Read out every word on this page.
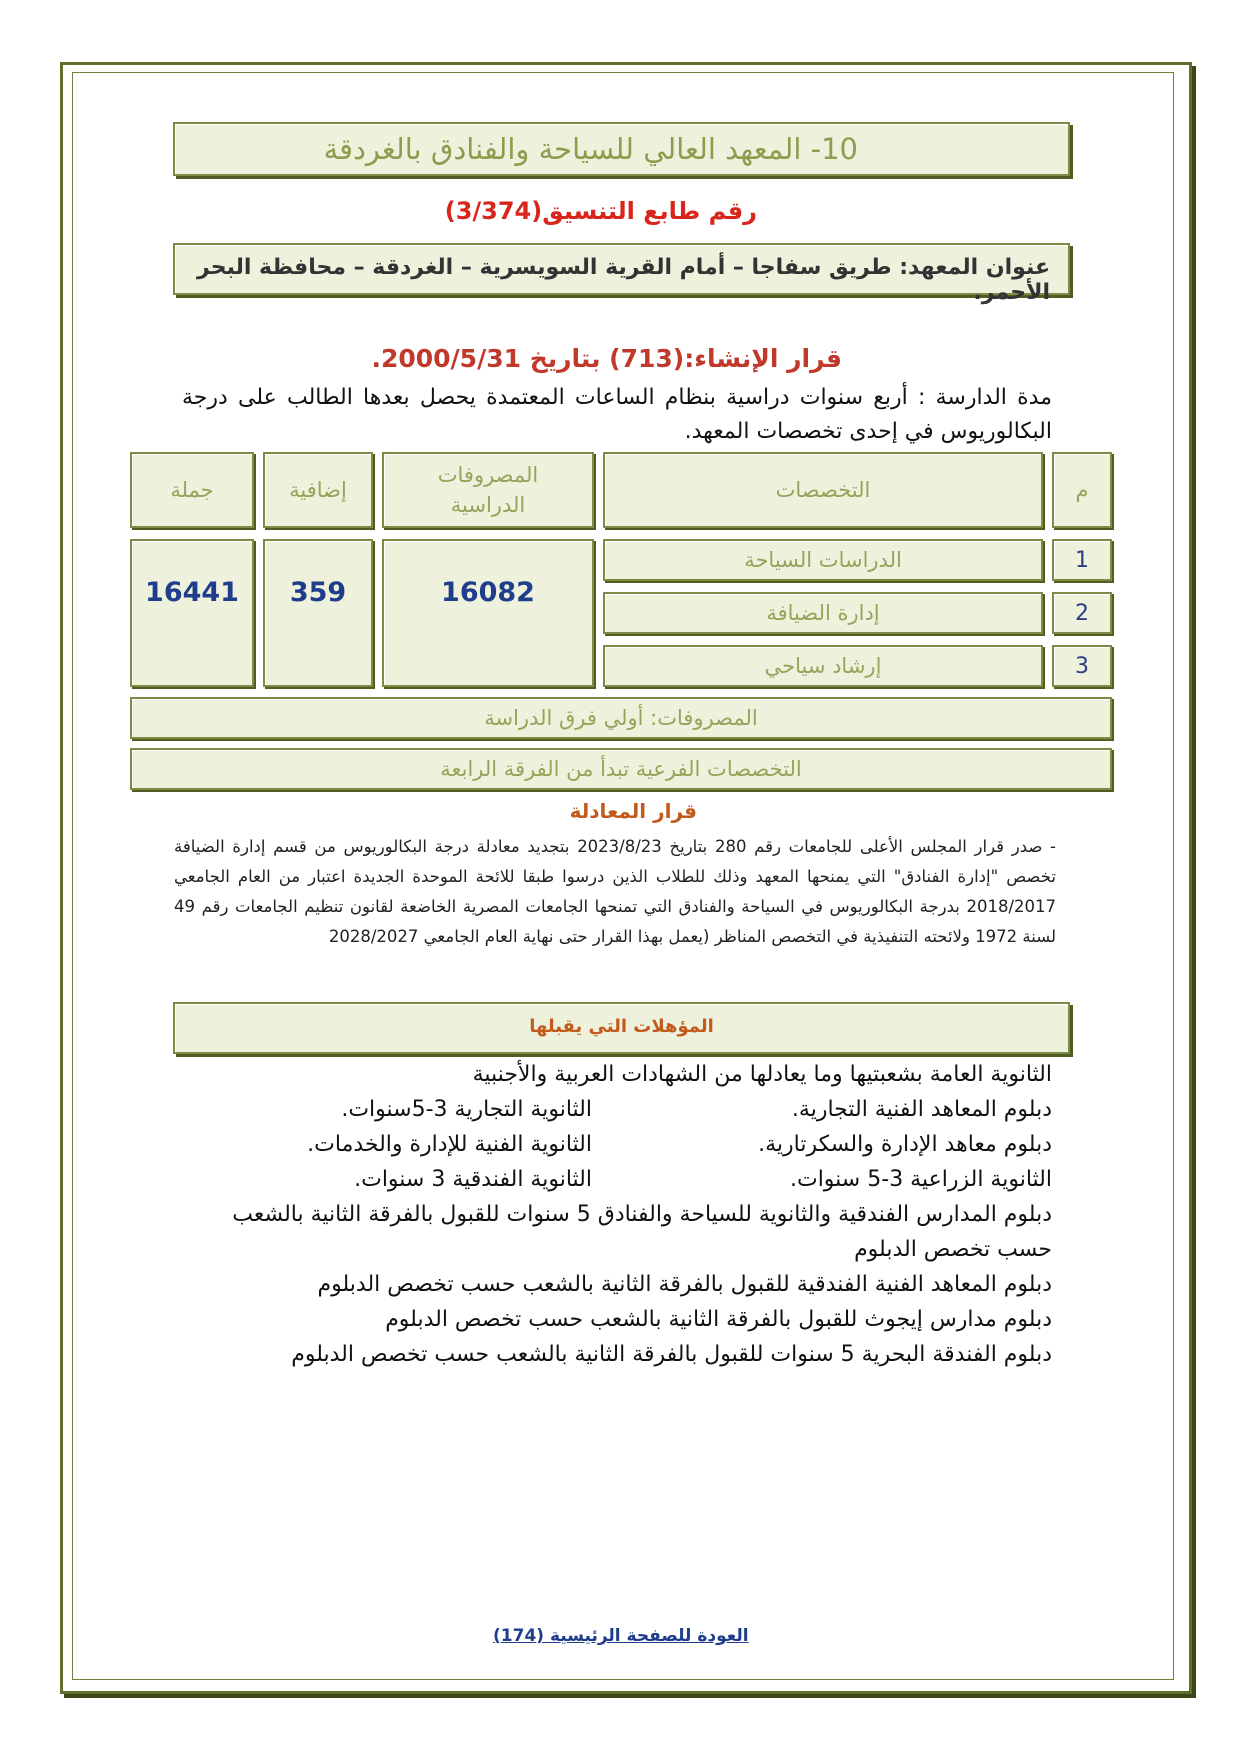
10- المعهد العالي للسياحة والفنادق بالغردقة
رقم طابع التنسيق(3/374)
عنوان المعهد: طريق سفاجا – أمام القرية السويسرية – الغردقة – محافظة البحر الأحمر.
قرار الإنشاء:(713) بتاريخ 2000/5/31.
مدة الدارسة : أربع سنوات دراسية بنظام الساعات المعتمدة يحصل بعدها الطالب على درجة البكالوريوس في إحدى تخصصات المعهد.
م
التخصصات
المصروفات
الدراسية
إضافية
جملة
1
2
3
الدراسات السياحة
إدارة الضيافة
إرشاد سياحي
16082
359
16441
المصروفات: أولي فرق الدراسة
التخصصات الفرعية تبدأ من الفرقة الرابعة
قرار المعادلة
- صدر قرار المجلس الأعلى للجامعات رقم 280 بتاريخ 2023/8/23 بتجديد معادلة درجة البكالوريوس من قسم إدارة الضيافة تخصص "إدارة الفنادق" التي يمنحها المعهد وذلك للطلاب الذين درسوا طبقا للائحة الموحدة الجديدة اعتبار من العام الجامعي 2018/2017 بدرجة البكالوريوس في السياحة والفنادق التي تمنحها الجامعات المصرية الخاضعة لقانون تنظيم الجامعات رقم 49 لسنة 1972 ولائحته التنفيذية في التخصص المناظر (يعمل بهذا القرار حتى نهاية العام الجامعي 2028/2027
المؤهلات التي يقبلها
الثانوية العامة بشعبتيها وما يعادلها من الشهادات العربية والأجنبية
دبلوم المعاهد الفنية التجارية.
الثانوية التجارية 3-5سنوات.
دبلوم معاهد الإدارة والسكرتارية.
الثانوية الفنية للإدارة والخدمات.
الثانوية الزراعية 3-5 سنوات.
الثانوية الفندقية 3 سنوات.
دبلوم المدارس الفندقية والثانوية للسياحة والفنادق 5 سنوات للقبول بالفرقة الثانية بالشعب
حسب تخصص الدبلوم
دبلوم المعاهد الفنية الفندقية للقبول بالفرقة الثانية بالشعب حسب تخصص الدبلوم
دبلوم مدارس إيجوث للقبول بالفرقة الثانية بالشعب حسب تخصص الدبلوم
دبلوم الفندقة البحرية 5 سنوات للقبول بالفرقة الثانية بالشعب حسب تخصص الدبلوم
العودة للصفحة الرئيسية (174)
